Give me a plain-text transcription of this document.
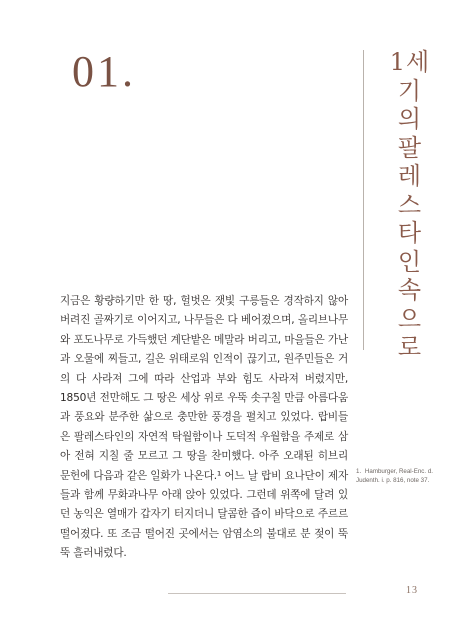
01.	1세기의 팔레스타인 속으로

지금은 황량하기만 한 땅, 헐벗은 잿빛 구릉들은 경작하지 않아 버려진 골짜기로 이어지고, 나무들은 다 베어졌으며, 올리브나무와 포도나무로 가득했던 계단밭은 메말라 버리고, 마을들은 가난과 오물에 찌들고, 길은 위태로워 인적이 끊기고, 원주민들은 거의 다 사라져 그에 따라 산업과 부와 힘도 사라져 버렸지만, 1850년 전만해도 그 땅은 세상 위로 우뚝 솟구칠 만큼 아름다움과 풍요와 분주한 삶으로 충만한 풍경을 펼치고 있었다. 랍비들은 팔레스타인의 자연적 탁월함이나 도덕적 우월함을 주제로 삼아 전혀 지칠 줄 모르고 그 땅을 찬미했다. 아주 오래된 히브리 문헌에 다음과 같은 일화가 나온다.¹ 어느 날 랍비 요나단이 제자들과 함께 무화과나무 아래 앉아 있었다. 그런데 위쪽에 달려 있던 농익은 열매가 갑자기 터지더니 달콤한 즙이 바닥으로 주르르 떨어졌다. 또 조금 떨어진 곳에서는 암염소의 불대로 분 젖이 뚝뚝 흘러내렸다.

1. Hamburger, Real-Enc. d. Judenth. i. p. 816, note 37.

13
